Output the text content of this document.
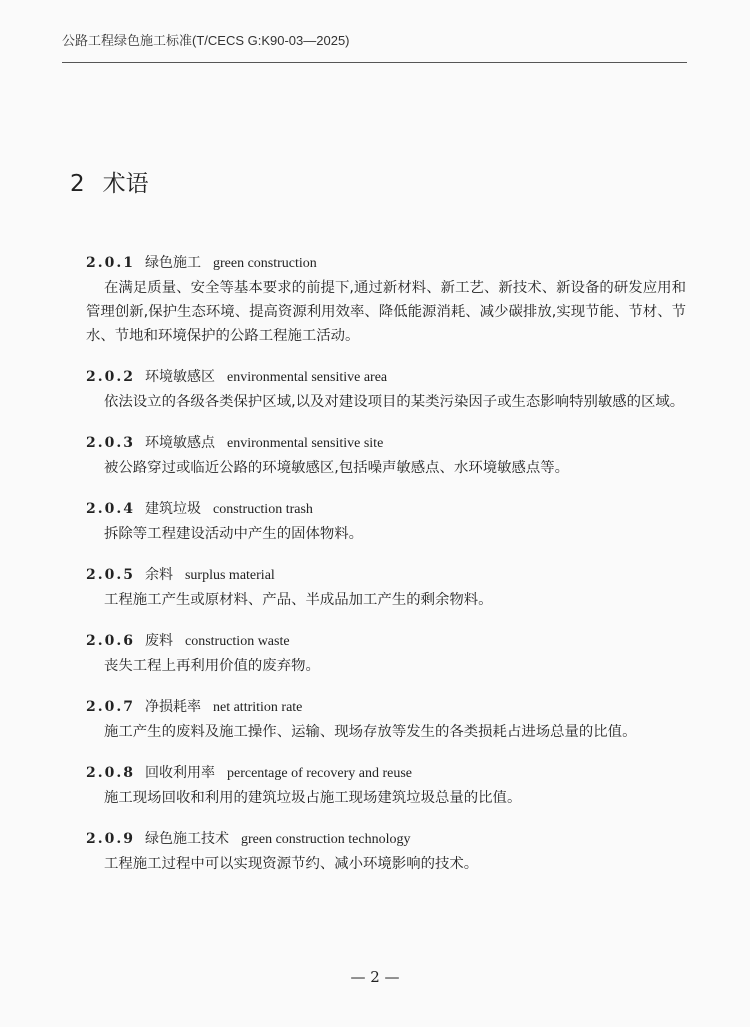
公路工程绿色施工标准(T/CECS G:K90-03—2025)
2 术语
2.0.1 绿色施工 green construction
在满足质量、安全等基本要求的前提下,通过新材料、新工艺、新技术、新设备的研发应用和管理创新,保护生态环境、提高资源利用效率、降低能源消耗、减少碳排放,实现节能、节材、节水、节地和环境保护的公路工程施工活动。
2.0.2 环境敏感区 environmental sensitive area
依法设立的各级各类保护区域,以及对建设项目的某类污染因子或生态影响特别敏感的区域。
2.0.3 环境敏感点 environmental sensitive site
被公路穿过或临近公路的环境敏感区,包括噪声敏感点、水环境敏感点等。
2.0.4 建筑垃圾 construction trash
拆除等工程建设活动中产生的固体物料。
2.0.5 余料 surplus material
工程施工产生或原材料、产品、半成品加工产生的剩余物料。
2.0.6 废料 construction waste
丧失工程上再利用价值的废弃物。
2.0.7 净损耗率 net attrition rate
施工产生的废料及施工操作、运输、现场存放等发生的各类损耗占进场总量的比值。
2.0.8 回收利用率 percentage of recovery and reuse
施工现场回收和利用的建筑垃圾占施工现场建筑垃圾总量的比值。
2.0.9 绿色施工技术 green construction technology
工程施工过程中可以实现资源节约、减小环境影响的技术。
— 2 —
